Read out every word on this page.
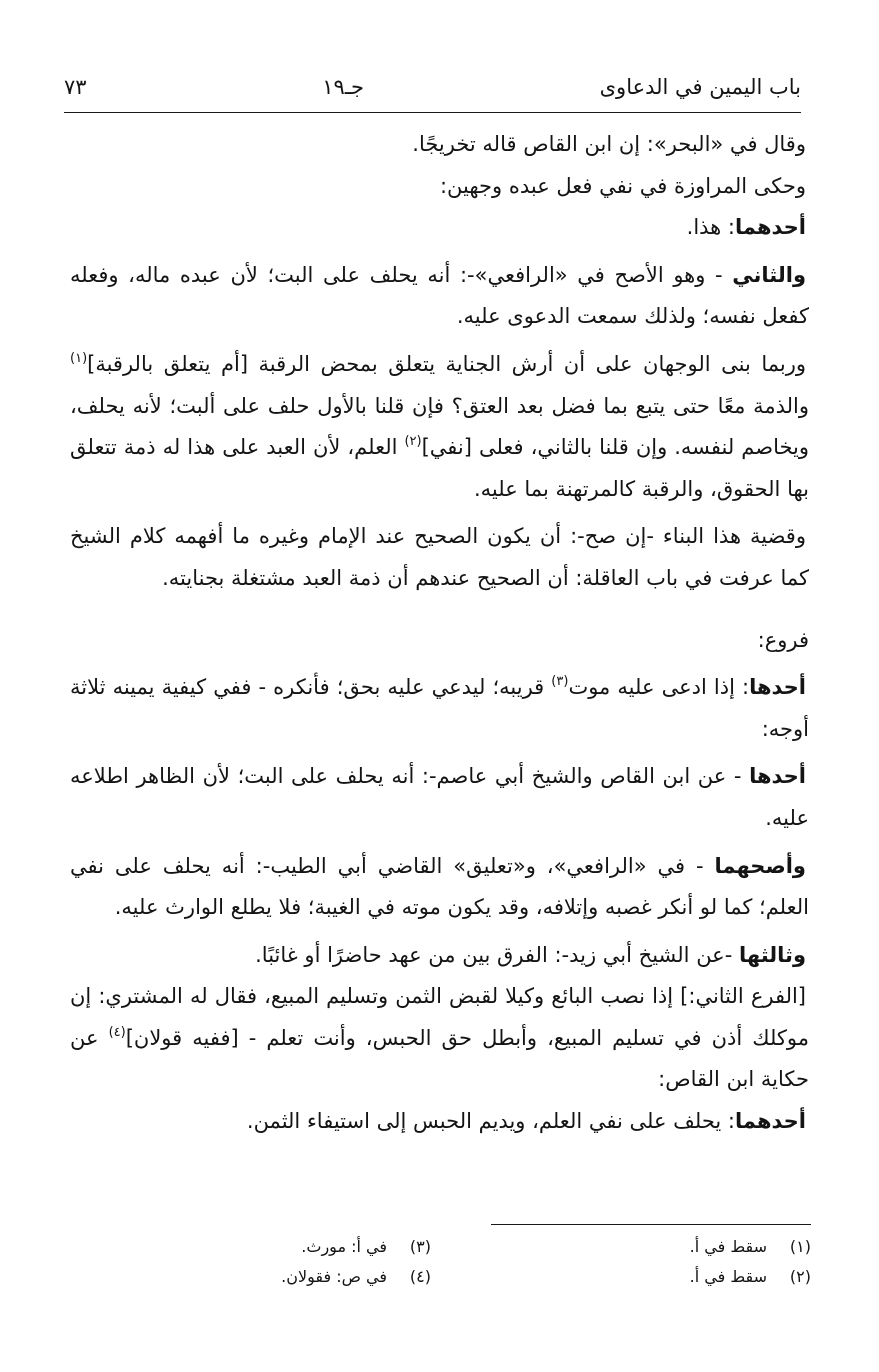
باب اليمين في الدعاوى
جـ١٩
٧٣

وقال في «البحر»: إن ابن القاص قاله تخريجًا.

وحكى المراوزة في نفي فعل عبده وجهين:

أحدهما: هذا.

والثاني - وهو الأصح في «الرافعي»-: أنه يحلف على البت؛ لأن عبده ماله، وفعله كفعل نفسه؛ ولذلك سمعت الدعوى عليه.

وربما بنى الوجهان على أن أرش الجناية يتعلق بمحض الرقبة [أم يتعلق بالرقبة]$^{(١)}$ والذمة معًا حتى يتبع بما فضل بعد العتق؟ فإن قلنا بالأول حلف على ألبت؛ لأنه يحلف، ويخاصم لنفسه. وإن قلنا بالثاني، فعلى [نفي]$^{(٢)}$ العلم، لأن العبد على هذا له ذمة تتعلق بها الحقوق، والرقبة كالمرتهنة بما عليه.

وقضية هذا البناء -إن صح-: أن يكون الصحيح عند الإمام وغيره ما أفهمه كلام الشيخ كما عرفت في باب العاقلة: أن الصحيح عندهم أن ذمة العبد مشتغلة بجنايته.

فروع:

أحدها: إذا ادعى عليه موت$^{(٣)}$ قريبه؛ ليدعي عليه بحق؛ فأنكره - ففي كيفية يمينه ثلاثة أوجه:

أحدها - عن ابن القاص والشيخ أبي عاصم-: أنه يحلف على البت؛ لأن الظاهر اطلاعه عليه.

وأصحهما - في «الرافعي»، و«تعليق» القاضي أبي الطيب-: أنه يحلف على نفي العلم؛ كما لو أنكر غصبه وإتلافه، وقد يكون موته في الغيبة؛ فلا يطلع الوارث عليه.

وثالثها -عن الشيخ أبي زيد-: الفرق بين من عهد حاضرًا أو غائبًا.

[الفرع الثاني:] إذا نصب البائع وكيلا لقبض الثمن وتسليم المبيع، فقال له المشتري: إن موكلك أذن في تسليم المبيع، وأبطل حق الحبس، وأنت تعلم - [ففيه قولان]$^{(٤)}$ عن حكاية ابن القاص:

أحدهما: يحلف على نفي العلم، ويديم الحبس إلى استيفاء الثمن.

(١)سقط في أ.
(٢)سقط في أ.
(٣)في أ: مورث.
(٤)في ص: فقولان.
